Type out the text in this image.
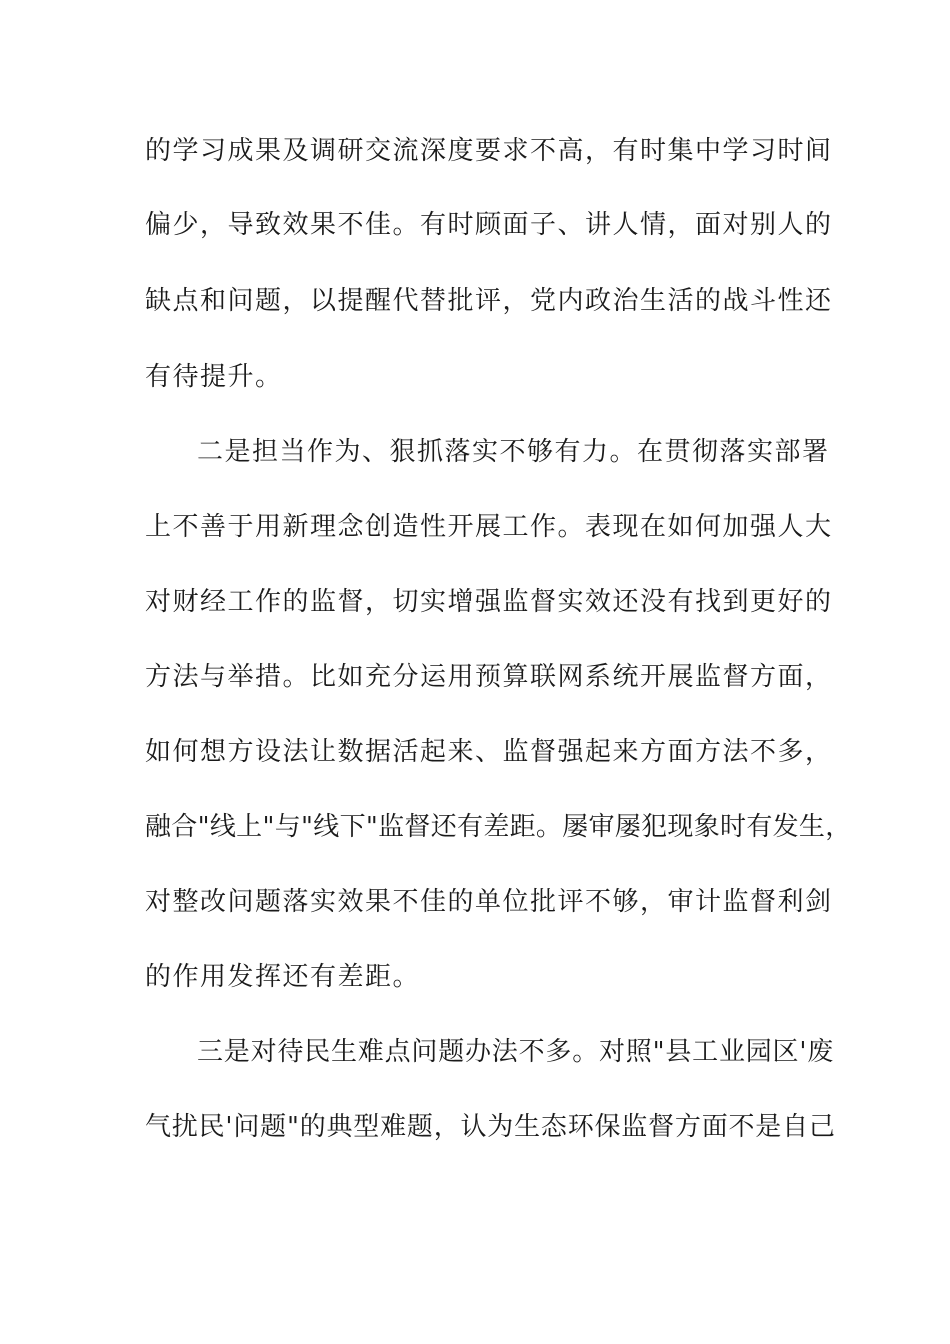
的学习成果及调研交流深度要求不高，有时集中学习时间

偏少，导致效果不佳。有时顾面子、讲人情，面对别人的

缺点和问题，以提醒代替批评，党内政治生活的战斗性还

有待提升。

二是担当作为、狠抓落实不够有力。在贯彻落实部署

上不善于用新理念创造性开展工作。表现在如何加强人大

对财经工作的监督，切实增强监督实效还没有找到更好的

方法与举措。比如充分运用预算联网系统开展监督方面，

如何想方设法让数据活起来、监督强起来方面方法不多，

融合"线上"与"线下"监督还有差距。屡审屡犯现象时有发生，

对整改问题落实效果不佳的单位批评不够，审计监督利剑

的作用发挥还有差距。

三是对待民生难点问题办法不多。对照"县工业园区'废

气扰民'问题"的典型难题，认为生态环保监督方面不是自己
